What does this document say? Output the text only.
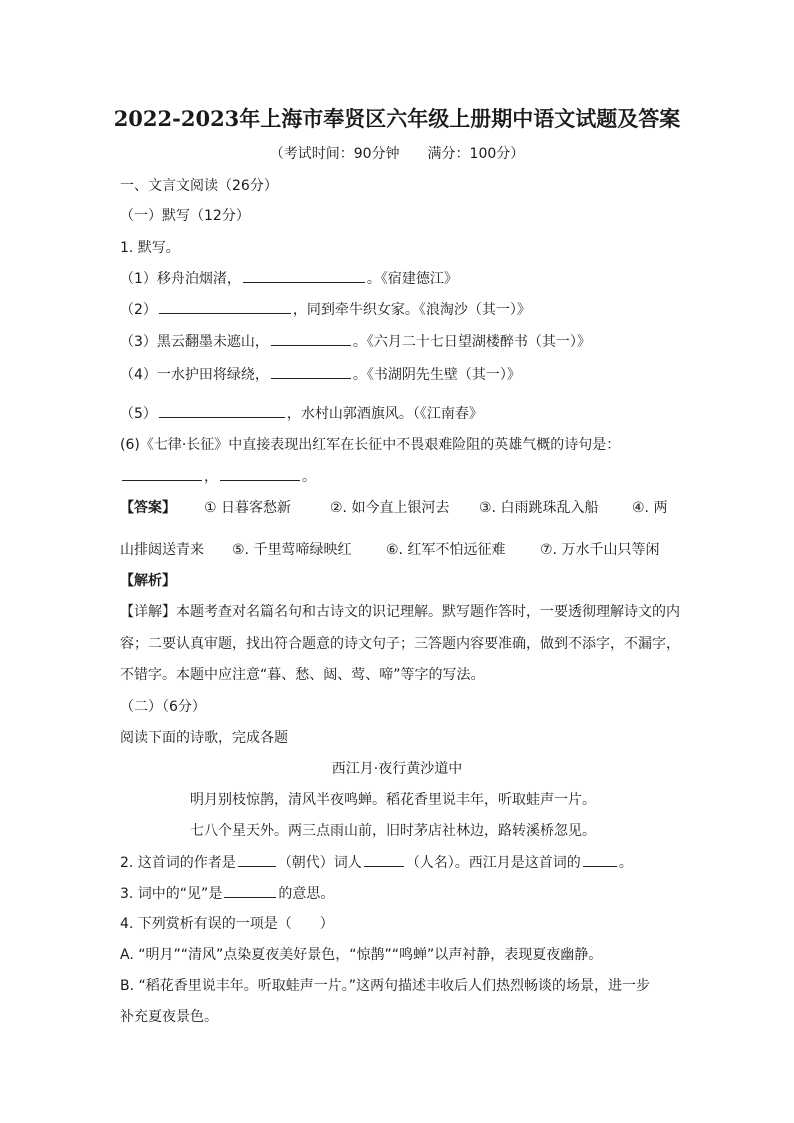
2022-2023年上海市奉贤区六年级上册期中语文试题及答案
（考试时间：90分钟　　满分：100分）
一、文言文阅读（26分）
（一）默写（12分）
1. 默写。
（1）移舟泊烟渚，	。《宿建德江》
（2）	，同到牵牛织女家。《浪淘沙（其一）》
（3）黑云翻墨未遮山，	。《六月二十七日望湖楼醉书（其一）》
（4）一水护田将绿绕，	。《书湖阴先生壁（其一）》
（5）	，水村山郭酒旗风。（《江南春》
(6)《七律·长征》中直接表现出红军在长征中不畏艰难险阻的英雄气概的诗句是：
，	。
【答案】 ① 日暮客愁新	②. 如今直上银河去 ③. 白雨跳珠乱入船 ④. 两
山排闼送青来 ⑤. 千里莺啼绿映红 ⑥. 红军不怕远征难 ⑦. 万水千山只等闲
【解析】
【详解】本题考查对名篇名句和古诗文的识记理解。默写题作答时，一要透彻理解诗文的内
容；二要认真审题，找出符合题意的诗文句子；三答题内容要准确，做到不添字，不漏字，
不错字。本题中应注意“暮、愁、闼、莺、啼”等字的写法。
（二）（6分）
阅读下面的诗歌，完成各题
西江月·夜行黄沙道中
明月别枝惊鹊，清风半夜鸣蝉。稻花香里说丰年，听取蛙声一片。
七八个星天外。两三点雨山前，旧时茅店社林边，路转溪桥忽见。
2. 这首词的作者是	（朝代）词人	（人名）。西江月是这首词的	。
3. 词中的“见”是	的意思。
4. 下列赏析有误的一项是（　　）
A. “明月”“清风”点染夏夜美好景色，“惊鹊”“鸣蝉”以声衬静，表现夏夜幽静。
B. “稻花香里说丰年。听取蛙声一片。”这两句描述丰收后人们热烈畅谈的场景，进一步
补充夏夜景色。
